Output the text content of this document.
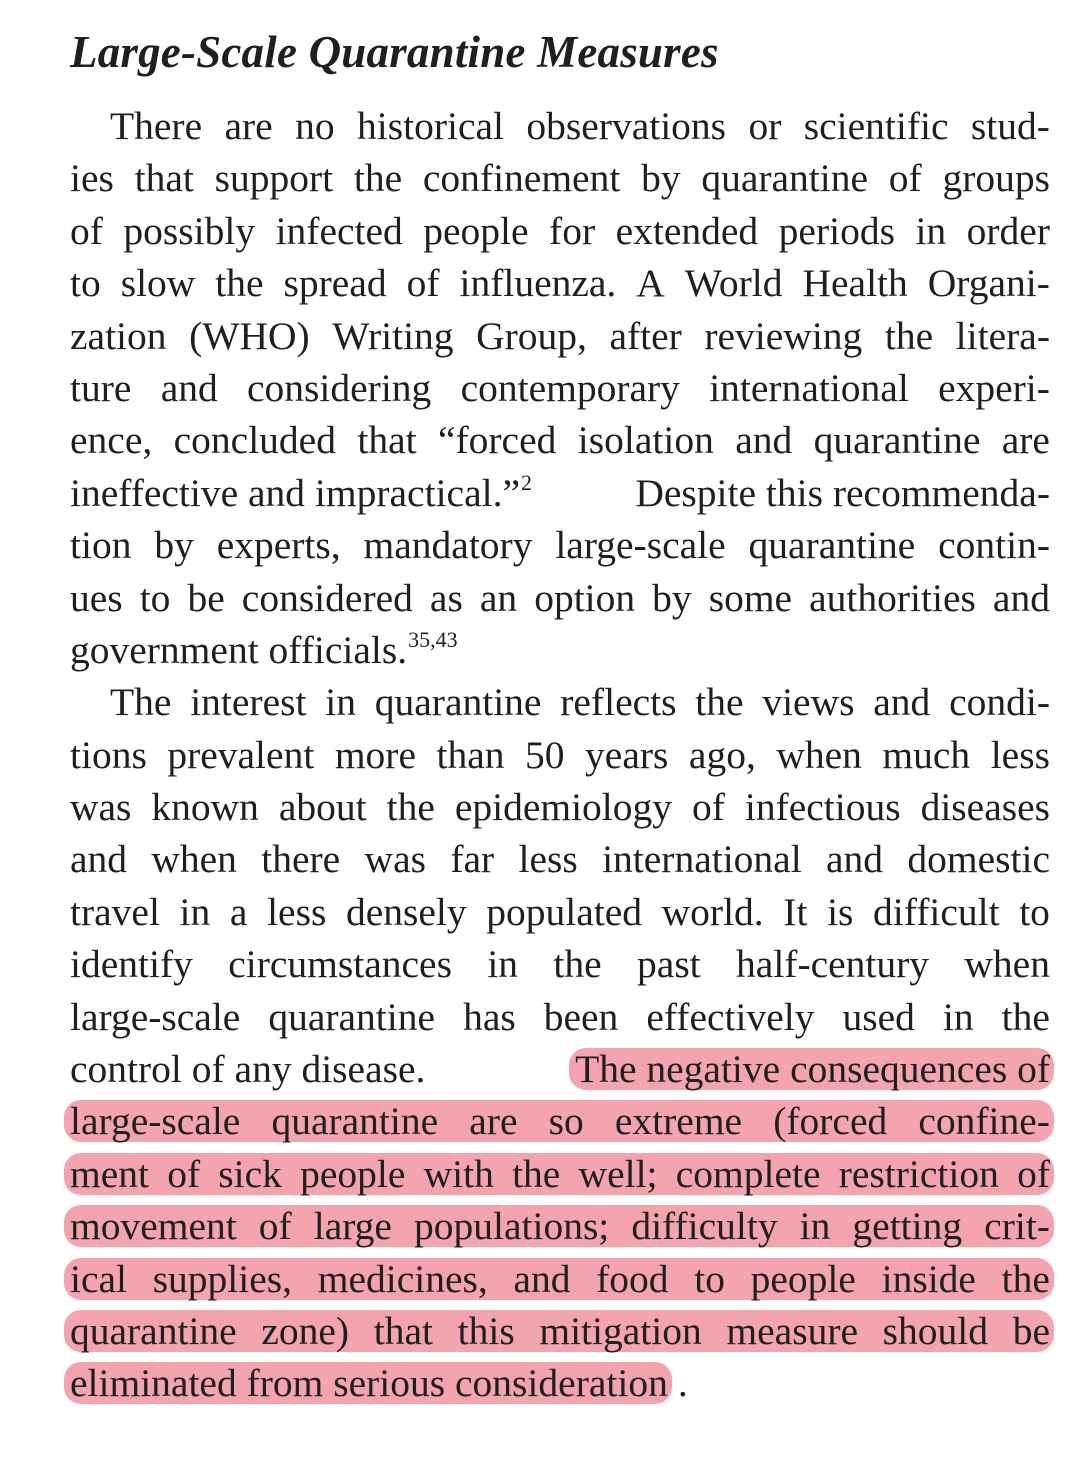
Large-Scale Quarantine Measures
There are no historical observations or scientific stud-
ies that support the confinement by quarantine of groups
of possibly infected people for extended periods in order
to slow the spread of influenza. A World Health Organi-
zation (WHO) Writing Group, after reviewing the litera-
ture and considering contemporary international experi-
ence, concluded that “forced isolation and quarantine are
ineffective and impractical.”$^2$	Despite this recommenda-
tion by experts, mandatory large-scale quarantine contin-
ues to be considered as an option by some authorities and
government officials.$^{35,43}$
The interest in quarantine reflects the views and condi-
tions prevalent more than 50 years ago, when much less
was known about the epidemiology of infectious diseases
and when there was far less international and domestic
travel in a less densely populated world. It is difficult to
identify circumstances in the past half-century when
large-scale quarantine has been effectively used in the
control of any disease.	The negative consequences of
large-scale quarantine are so extreme (forced confine-
ment of sick people with the well; complete restriction of
movement of large populations; difficulty in getting crit-
ical supplies, medicines, and food to people inside the
quarantine zone) that this mitigation measure should be
eliminated from serious consideration .
